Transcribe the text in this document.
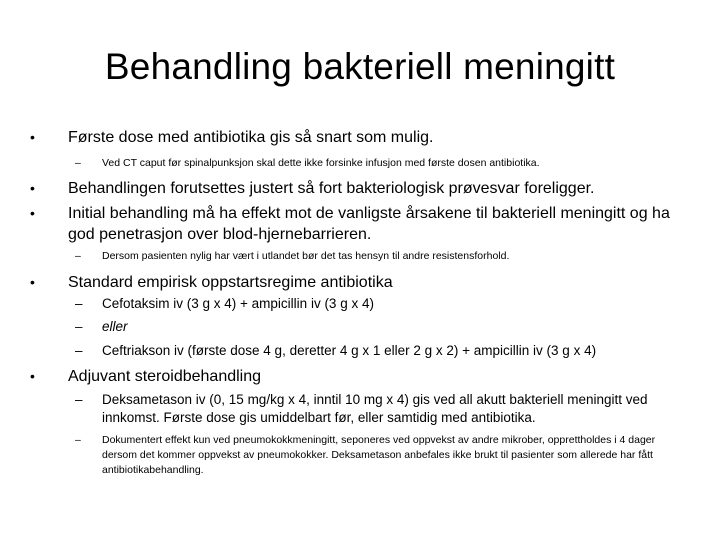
Behandling bakteriell meningitt
• Første dose med antibiotika gis så snart som mulig.
– Ved CT caput før spinalpunksjon skal dette ikke forsinke infusjon med første dosen antibiotika.
• Behandlingen forutsettes justert så fort bakteriologisk prøvesvar foreligger.
• Initial behandling må ha effekt mot de vanligste årsakene til bakteriell meningitt og ha god penetrasjon over blod-hjernebarrieren.
– Dersom pasienten nylig har vært i utlandet bør det tas hensyn til andre resistensforhold.
• Standard empirisk oppstartsregime antibiotika
– Cefotaksim iv (3 g x 4) + ampicillin iv (3 g x 4)
– eller
– Ceftriakson iv (første dose 4 g, deretter 4 g x 1 eller 2 g x 2) + ampicillin iv (3 g x 4)
• Adjuvant steroidbehandling
– Deksametason iv (0, 15 mg/kg x 4, inntil 10 mg x 4) gis ved all akutt bakteriell meningitt ved innkomst. Første dose gis umiddelbart før, eller samtidig med antibiotika.
– Dokumentert effekt kun ved pneumokokkmeningitt, seponeres ved oppvekst av andre mikrober, opprettholdes i 4 dager dersom det kommer oppvekst av pneumokokker. Deksametason anbefales ikke brukt til pasienter som allerede har fått antibiotikabehandling.
